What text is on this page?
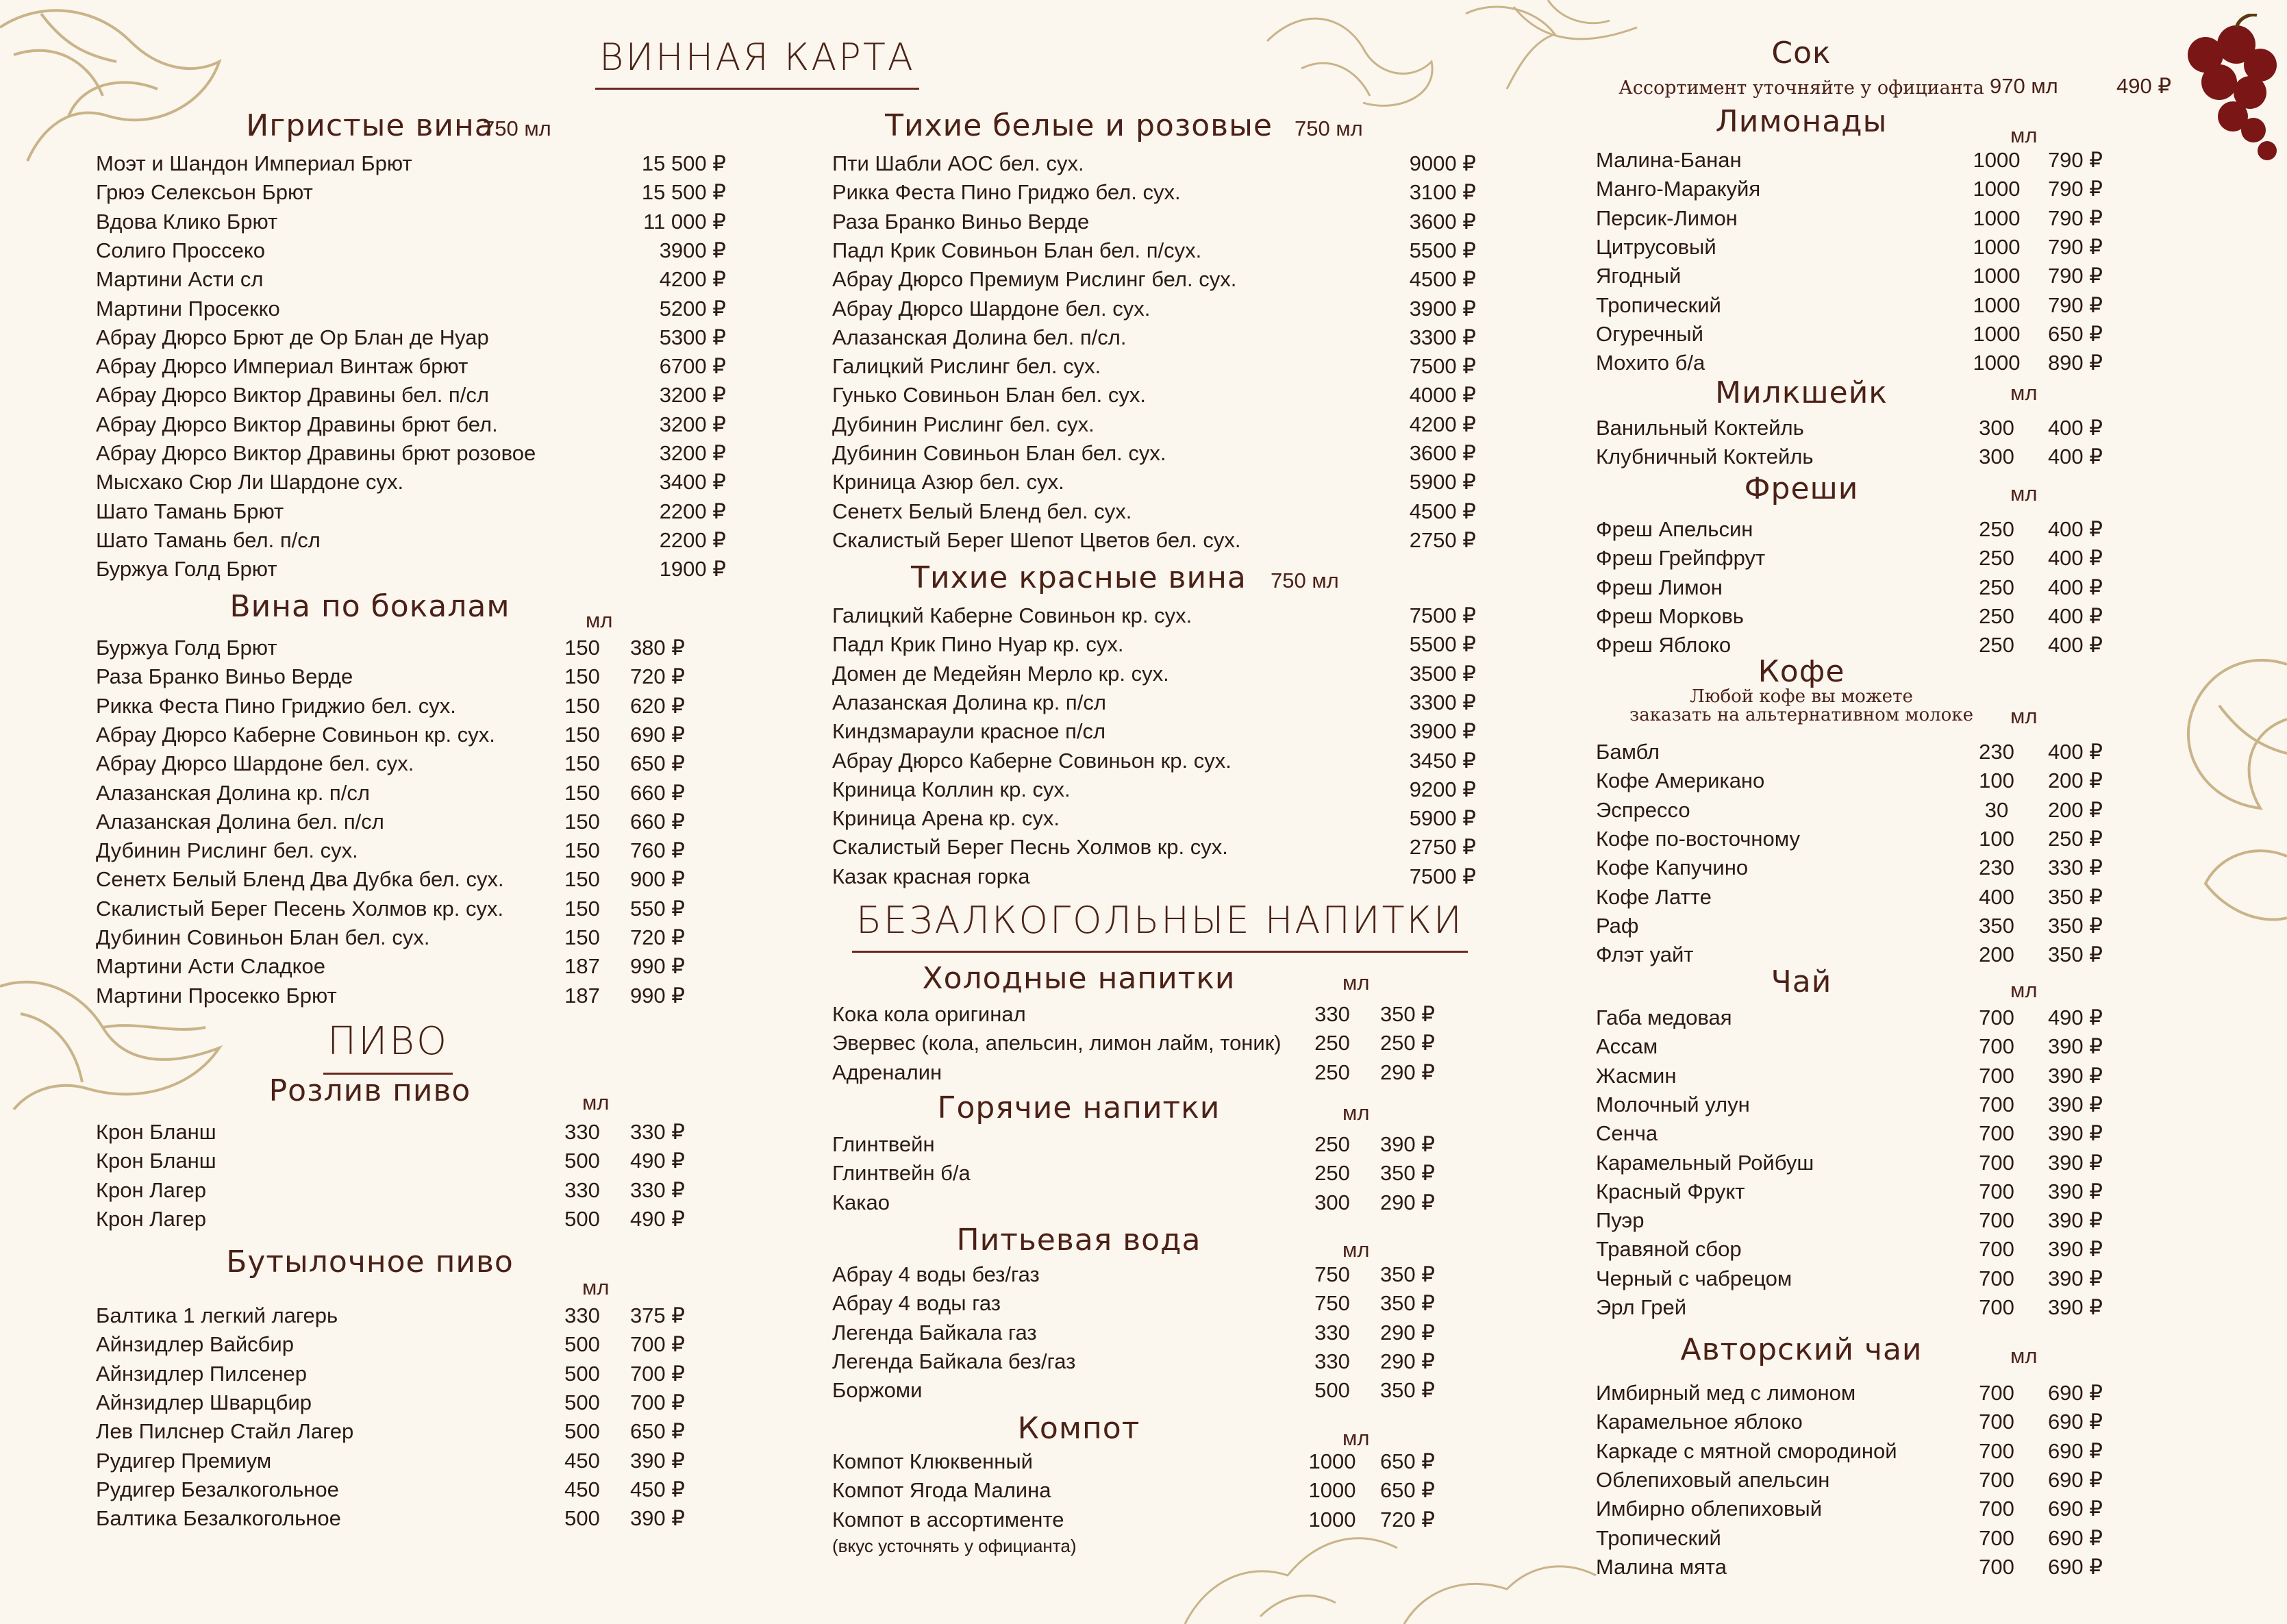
Игристые вина
750 мл
Моэт и Шандон Империал Брют	15 500 ₽
Грюэ Селексьон Брют	15 500 ₽
Вдова Клико Брют	11 000 ₽
Солиго Проссеко	3900 ₽
Мартини Асти сл	4200 ₽
Мартини Просекко	5200 ₽
Абрау Дюрсо Брют де Ор Блан де Нуар	5300 ₽
Абрау Дюрсо Империал Винтаж брют	6700 ₽
Абрау Дюрсо Виктор Дравины бел. п/сл	3200 ₽
Абрау Дюрсо Виктор Дравины брют бел.	3200 ₽
Абрау Дюрсо Виктор Дравины брют розовое	3200 ₽
Мысхако Сюр Ли Шардоне сух.	3400 ₽
Шато Тамань Брют	2200 ₽
Шато Тамань бел. п/сл	2200 ₽
Буржуа Голд Брют	1900 ₽
Вина по бокалам	мл
Буржуа Голд Брют	150	380 ₽
Раза Бранко Виньо Верде	150	720 ₽
Рикка Феста Пино Гриджио бел. сух.	150	620 ₽
Абрау Дюрсо Каберне Совиньон кр. сух.	150	690 ₽
Абрау Дюрсо Шардоне бел. сух.	150	650 ₽
Алазанская Долина кр. п/сл	150	660 ₽
Алазанская Долина бел. п/сл	150	660 ₽
Дубинин Рислинг бел. сух.	150	760 ₽
Сенетх Белый Бленд Два Дубка бел. сух.	150	900 ₽
Скалистый Берег Песень Холмов кр. сух.	150	550 ₽
Дубинин Совиньон Блан бел. сух.	150	720 ₽
Мартини Асти Сладкое	187	990 ₽
Мартини Просекко Брют	187	990 ₽
Розлив пиво	мл
Крон Бланш	330	330 ₽
Крон Бланш	500	490 ₽
Крон Лагер	330	330 ₽
Крон Лагер	500	490 ₽
Бутылочное пиво
мл
Балтика 1 легкий лагерь	330	375 ₽
Айнзидлер Вайсбир	500	700 ₽
Айнзидлер Пилсенер	500	700 ₽
Айнзидлер Шварцбир	500	700 ₽
Лев Пилснер Стайл Лагер	500	650 ₽
Рудигер Премиум	450	390 ₽
Рудигер Безалкогольное	450	450 ₽
Балтика Безалкогольное	500	390 ₽
Тихие белые и розовые 750 мл
Пти Шабли АОС бел. сух.	9000 ₽
Рикка Феста Пино Гриджо бел. сух.	3100 ₽
Раза Бранко Виньо Верде	3600 ₽
Падл Крик Совиньон Блан бел. п/сух.	5500 ₽
Абрау Дюрсо Премиум Рислинг бел. сух.	4500 ₽
Абрау Дюрсо Шардоне бел. сух.	3900 ₽
Алазанская Долина бел. п/сл.	3300 ₽
Галицкий Рислинг бел. сух.	7500 ₽
Гунько Совиньон Блан бел. сух.	4000 ₽
Дубинин Рислинг бел. сух.	4200 ₽
Дубинин Совиньон Блан бел. сух.	3600 ₽
Криница Азюр бел. сух.	5900 ₽
Сенетх Белый Бленд бел. сух.	4500 ₽
Скалистый Берег Шепот Цветов бел. сух.	2750 ₽
Тихие красные вина 750 мл
Галицкий Каберне Совиньон кр. сух.	7500 ₽
Падл Крик Пино Нуар кр. сух.	5500 ₽
Домен де Медейян Мерло кр. сух.	3500 ₽
Алазанская Долина кр. п/сл	3300 ₽
Киндзмараули красное п/сл	3900 ₽
Абрау Дюрсо Каберне Совиньон кр. сух.	3450 ₽
Криница Коллин кр. сух.	9200 ₽
Криница Арена кр. сух.	5900 ₽
Скалистый Берег Песнь Холмов кр. сух.	2750 ₽
Казак красная горка	7500 ₽
Холодные напитки	мл
Кока кола оригинал	330	350 ₽
Эвервес (кола, апельсин, лимон лайм, тоник)	250	250 ₽
Адреналин	250	290 ₽
Горячие напитки	мл
Глинтвейн	250	390 ₽
Глинтвейн б/а	250	350 ₽
Какао	300	290 ₽
Питьевая вода	мл
Абрау 4 воды без/газ	750	350 ₽
Абрау 4 воды газ	750	350 ₽
Легенда Байкала газ	330	290 ₽
Легенда Байкала без/газ	330	290 ₽
Боржоми	500	350 ₽
Компот	мл
Компот Клюквенный	1000	650 ₽
Компот Ягода Малина	1000	650 ₽
Компот в ассортименте	1000	720 ₽
(вкус усточнять у официанта)
Лимонады	мл
Малина-Банан	1000	790 ₽
Манго-Маракуйя	1000	790 ₽
Персик-Лимон	1000	790 ₽
Цитрусовый	1000	790 ₽
Ягодный	1000	790 ₽
Тропический	1000	790 ₽
Огуречный	1000	650 ₽
Мохито б/а	1000	890 ₽
Милкшейк	мл
Ванильный Коктейль	300	400 ₽
Клубничный Коктейль	300	400 ₽
Фреши	мл
Фреш Апельсин	250	400 ₽
Фреш Грейпфрут	250	400 ₽
Фреш Лимон	250	400 ₽
Фреш Морковь	250	400 ₽
Фреш Яблоко	250	400 ₽
Кофе
мл
Любой кофе вы можете
заказать на альтернативном молоке
Бамбл	230	400 ₽
Кофе Американо	100	200 ₽
Эспрессо	30	200 ₽
Кофе по-восточному	100	250 ₽
Кофе Капучино	230	330 ₽
Кофе Латте	400	350 ₽
Раф	350	350 ₽
Флэт уайт	200	350 ₽
Чай	мл
Габа медовая	700	490 ₽
Ассам	700	390 ₽
Жасмин	700	390 ₽
Молочный улун	700	390 ₽
Сенча	700	390 ₽
Карамельный Ройбуш	700	390 ₽
Красный Фрукт	700	390 ₽
Пуэр	700	390 ₽
Травяной сбор	700	390 ₽
Черный с чабрецом	700	390 ₽
Эрл Грей	700	390 ₽
Авторский чаи	мл
Имбирный мед с лимоном	700	690 ₽
Карамельное яблоко	700	690 ₽
Каркаде с мятной смородиной	700	690 ₽
Облепиховый апельсин	700	690 ₽
Имбирно облепиховый	700	690 ₽
Тропический	700	690 ₽
Малина мята	700	690 ₽
Сок
Ассортимент уточняйте у официанта 970 мл	490 ₽
ВИННАЯ КАРТА
БЕЗАЛКОГОЛЬНЫЕ НАПИТКИ
ПИВО
